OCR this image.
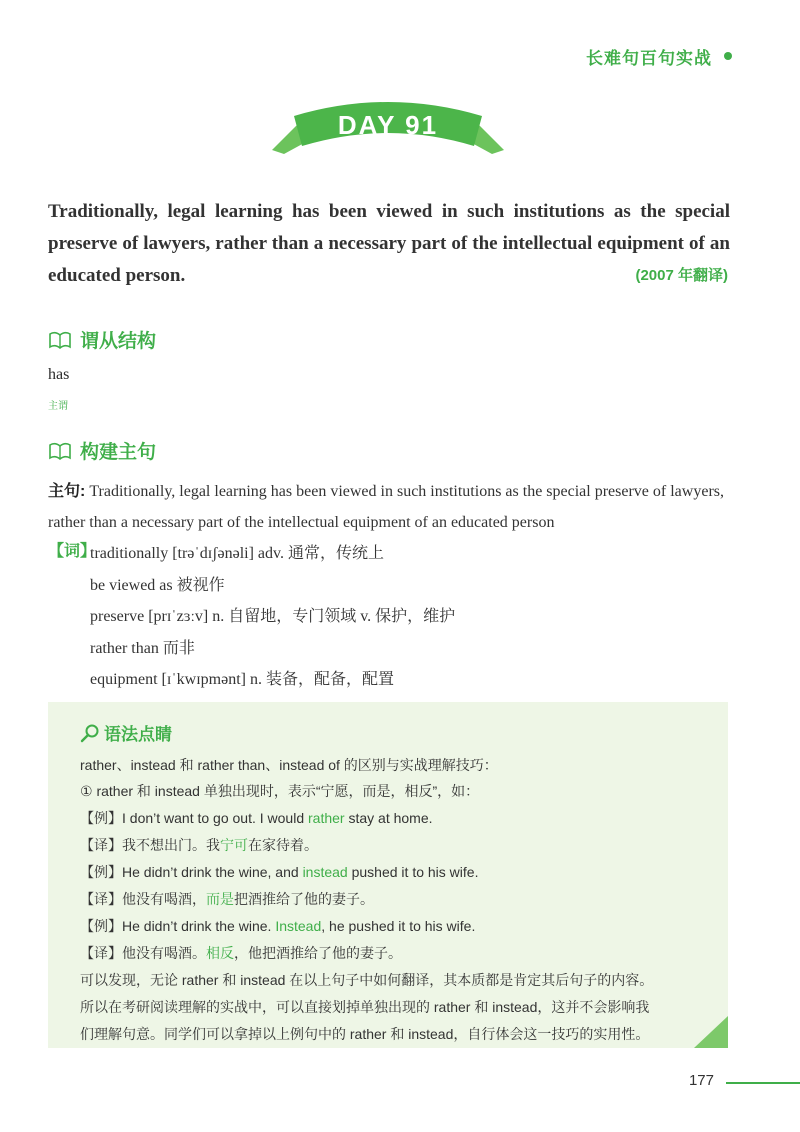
长难句百句实战
DAY 91
Traditionally, legal learning has been viewed in such institutions as the special preserve of lawyers, rather than a necessary part of the intellectual equipment of an educated person.	(2007 年翻译)
谓从结构
has
主谓
构建主句
主句: Traditionally, legal learning has been viewed in such institutions as the special preserve of lawyers, rather than a necessary part of the intellectual equipment of an educated person
【词】
traditionally [trəˈdɪʃənəli] adv. 通常，传统上
be viewed as 被视作
preserve [prɪˈzɜːv] n. 自留地，专门领域 v. 保护，维护
rather than 而非
equipment [ɪˈkwɪpmənt] n. 装备，配备，配置
语法点睛
rather、instead 和 rather than、instead of 的区别与实战理解技巧：
① rather 和 instead 单独出现时，表示“宁愿，而是，相反”，如：
【例】I don’t want to go out. I would rather stay at home.
【译】我不想出门。我宁可在家待着。
【例】He didn’t drink the wine, and instead pushed it to his wife.
【译】他没有喝酒，而是把酒推给了他的妻子。
【例】He didn’t drink the wine. Instead, he pushed it to his wife.
【译】他没有喝酒。相反，他把酒推给了他的妻子。
可以发现，无论 rather 和 instead 在以上句子中如何翻译，其本质都是肯定其后句子的内容。
所以在考研阅读理解的实战中，可以直接划掉单独出现的 rather 和 instead，这并不会影响我
们理解句意。同学们可以拿掉以上例句中的 rather 和 instead，自行体会这一技巧的实用性。
177
